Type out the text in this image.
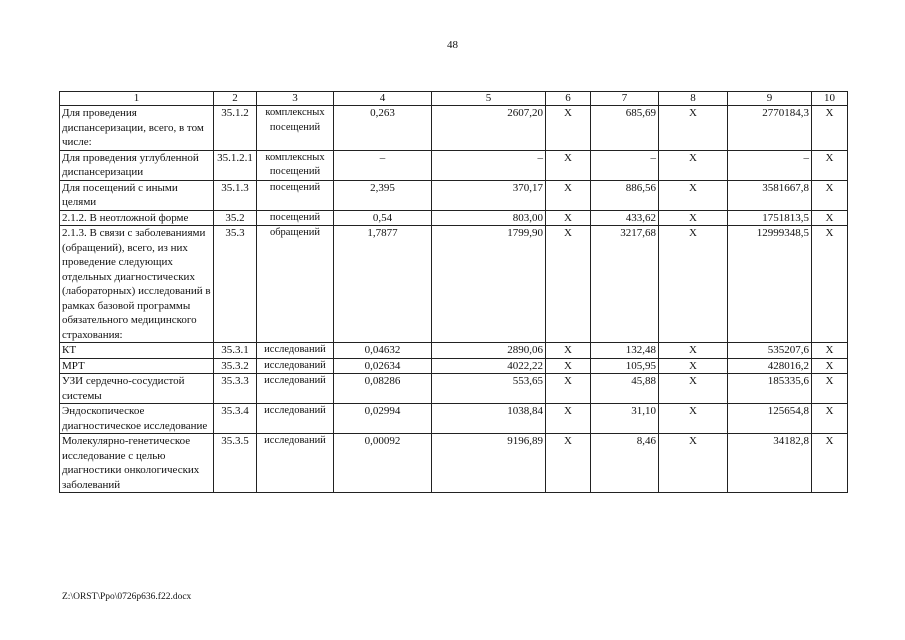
48
1	2	3	4	5	6	7	8	9	10
Для проведения диспансеризации, всего, в том числе:	35.1.2	комплексных посещений	0,263	2607,20	X	685,69	X	2770184,3	X
Для проведения углубленной диспансеризации	35.1.2.1	комплексных посещений	–	–	X	–	X	–	X
Для посещений с иными целями	35.1.3	посещений	2,395	370,17	X	886,56	X	3581667,8	X
2.1.2. В неотложной форме	35.2	посещений	0,54	803,00	X	433,62	X	1751813,5	X
2.1.3. В связи с заболеваниями (обращений), всего, из них проведение следующих отдельных диагностических (лабораторных) исследований в рамках базовой программы обязательного медицинского страхования:	35.3	обращений	1,7877	1799,90	X	3217,68	X	12999348,5	X
КТ	35.3.1	исследований	0,04632	2890,06	X	132,48	X	535207,6	X
МРТ	35.3.2	исследований	0,02634	4022,22	X	105,95	X	428016,2	X
УЗИ сердечно-сосудистой системы	35.3.3	исследований	0,08286	553,65	X	45,88	X	185335,6	X
Эндоскопическое диагностическое исследование	35.3.4	исследований	0,02994	1038,84	X	31,10	X	125654,8	X
Молекулярно-генетическое исследование с целью диагностики онкологических заболеваний	35.3.5	исследований	0,00092	9196,89	X	8,46	X	34182,8	X
Z:\ORST\Ppo\0726p636.f22.docx
